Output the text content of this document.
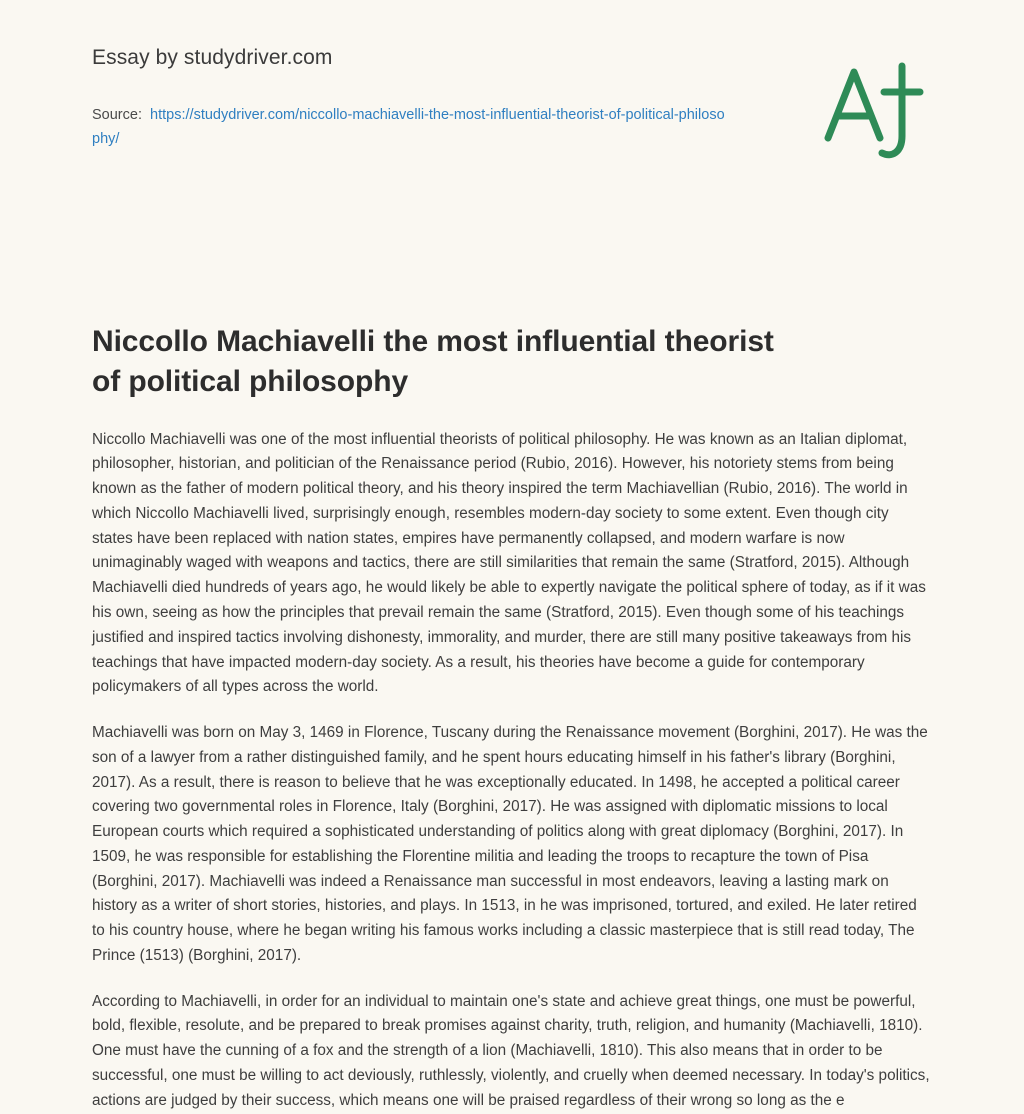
Essay by studydriver.com
Source: https://studydriver.com/niccollo-machiavelli-the-most-influential-theorist-of-political-philosophy/
Niccollo Machiavelli the most influential theorist of political philosophy

Niccollo Machiavelli was one of the most influential theorists of political philosophy. He was known as an Italian diplomat, philosopher, historian, and politician of the Renaissance period (Rubio, 2016). However, his notoriety stems from being known as the father of modern political theory, and his theory inspired the term Machiavellian (Rubio, 2016). The world in which Niccollo Machiavelli lived, surprisingly enough, resembles modern-day society to some extent. Even though city states have been replaced with nation states, empires have permanently collapsed, and modern warfare is now unimaginably waged with weapons and tactics, there are still similarities that remain the same (Stratford, 2015). Although Machiavelli died hundreds of years ago, he would likely be able to expertly navigate the political sphere of today, as if it was his own, seeing as how the principles that prevail remain the same (Stratford, 2015). Even though some of his teachings justified and inspired tactics involving dishonesty, immorality, and murder, there are still many positive takeaways from his teachings that have impacted modern-day society. As a result, his theories have become a guide for contemporary policymakers of all types across the world.

Machiavelli was born on May 3, 1469 in Florence, Tuscany during the Renaissance movement (Borghini, 2017). He was the son of a lawyer from a rather distinguished family, and he spent hours educating himself in his father's library (Borghini, 2017). As a result, there is reason to believe that he was exceptionally educated. In 1498, he accepted a political career covering two governmental roles in Florence, Italy (Borghini, 2017). He was assigned with diplomatic missions to local European courts which required a sophisticated understanding of politics along with great diplomacy (Borghini, 2017). In 1509, he was responsible for establishing the Florentine militia and leading the troops to recapture the town of Pisa (Borghini, 2017). Machiavelli was indeed a Renaissance man successful in most endeavors, leaving a lasting mark on history as a writer of short stories, histories, and plays. In 1513, in he was imprisoned, tortured, and exiled. He later retired to his country house, where he began writing his famous works including a classic masterpiece that is still read today, The Prince (1513) (Borghini, 2017).

According to Machiavelli, in order for an individual to maintain one's state and achieve great things, one must be powerful, bold, flexible, resolute, and be prepared to break promises against charity, truth, religion, and humanity (Machiavelli, 1810). One must have the cunning of a fox and the strength of a lion (Machiavelli, 1810). This also means that in order to be successful, one must be willing to act deviously, ruthlessly, violently, and cruelly when deemed necessary. In today's politics, actions are judged by their success, which means one will be praised regardless of their wrong so long as the e
